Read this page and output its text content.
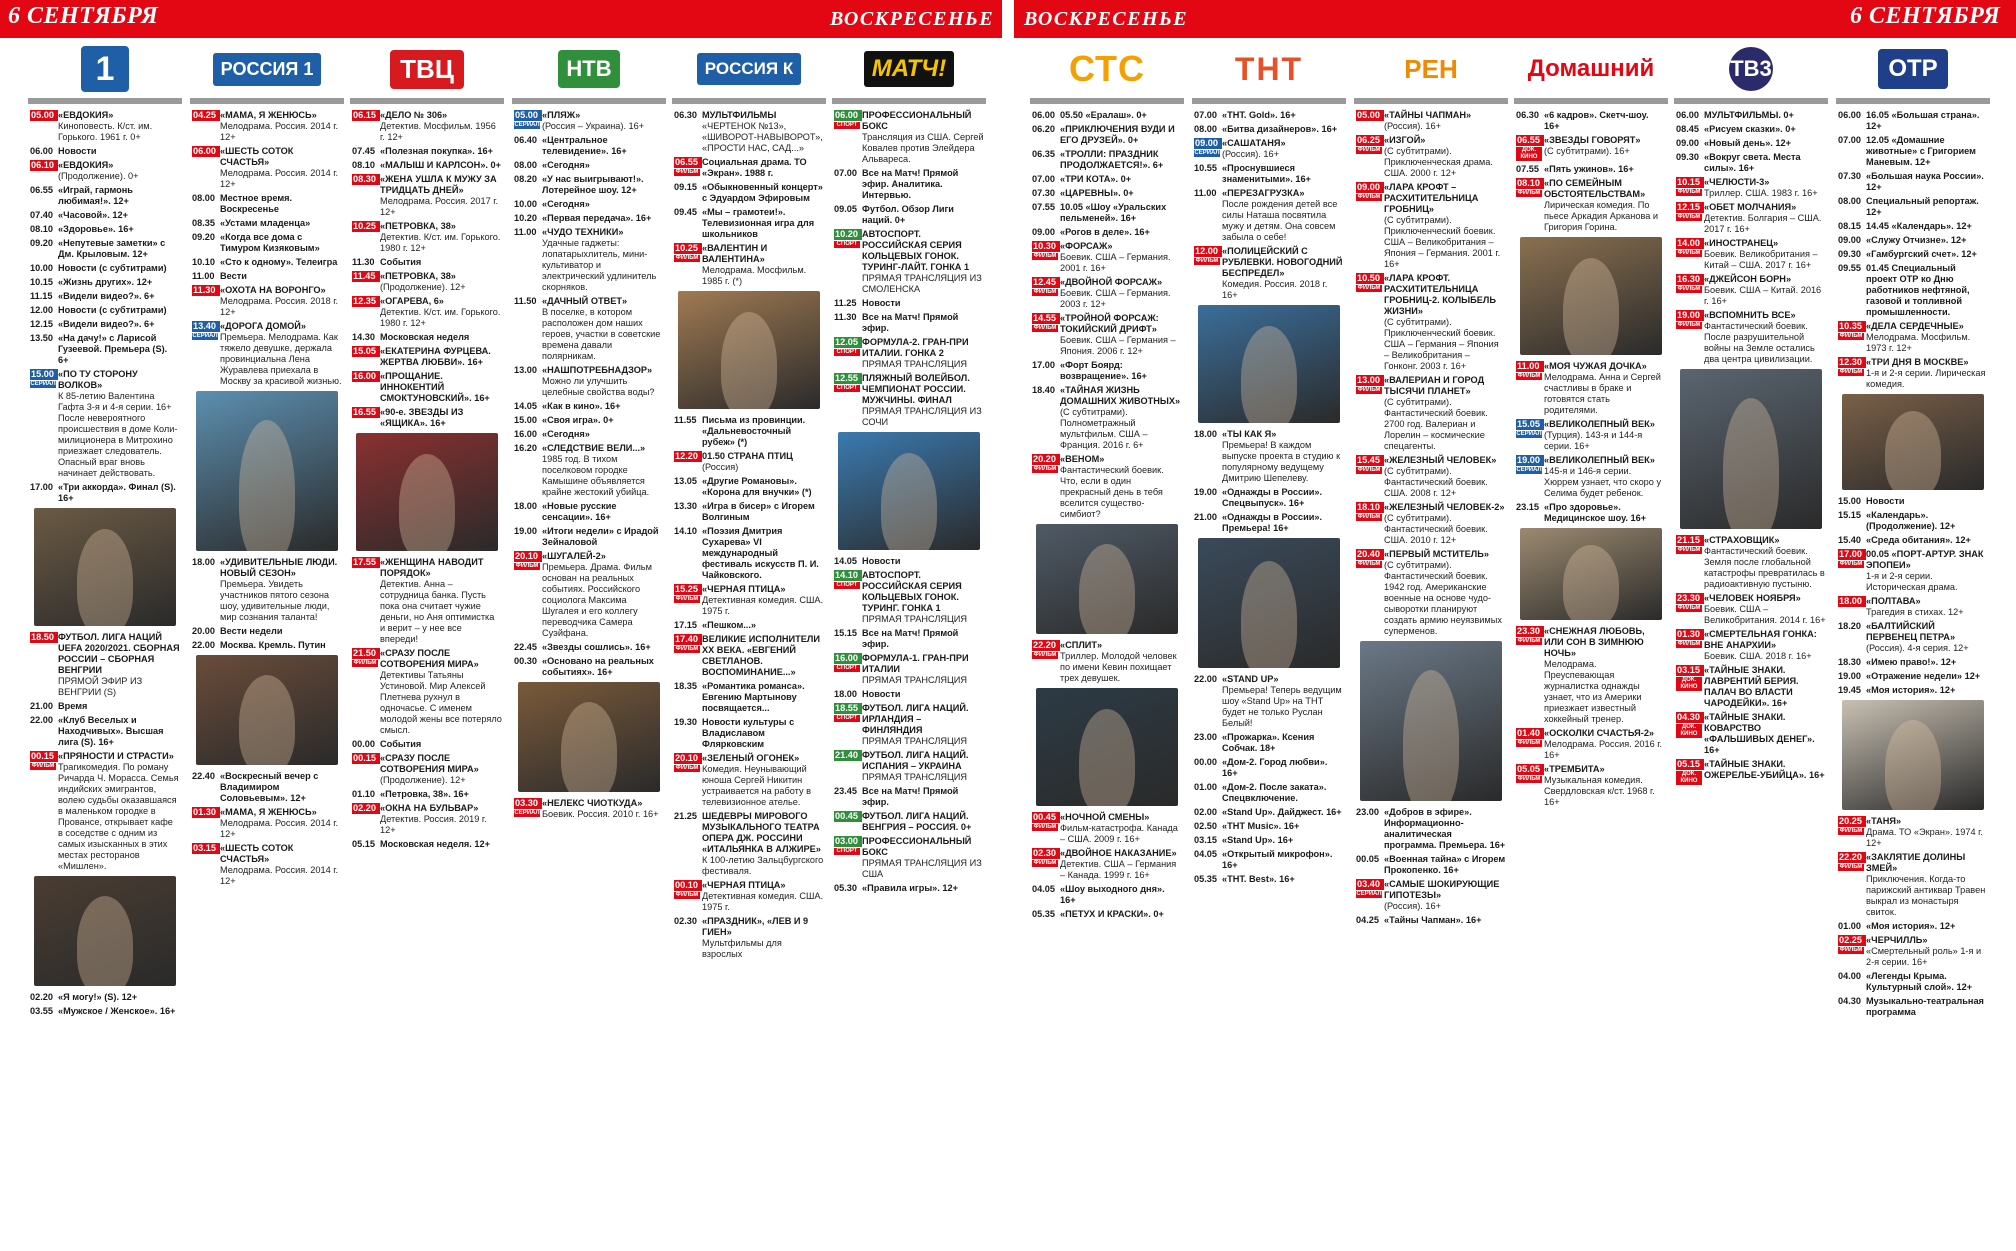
6 СЕНТЯБРЯ	ВОСКРЕСЕНЬЕ ВОСКРЕСЕНЬЕ	6 СЕНТЯБРЯ
1
05.00 «ЕВДОКИЯ»
Киноповесть. К/ст. им. Горького. 1961 г. 0+
06.00 Новости
06.10 «ЕВДОКИЯ»
(Продолжение). 0+
06.55 «Играй, гармонь любимая!». 12+
07.40 «Часовой». 12+
08.10 «Здоровье». 16+
09.20 «Непутевые заметки» с Дм. Крыловым. 12+
10.00 Новости (с субтитрами)
10.15 «Жизнь других». 12+
11.15 «Видели видео?». 6+
12.00 Новости (с субтитрами)
12.15 «Видели видео?». 6+
13.50 «На дачу!» с Ларисой Гузеевой. Премьера (S). 6+
15.00
СЕРИАЛ
«ПО ТУ СТОРОНУ ВОЛКОВ»
К 85-летию Валентина Гафта 3-я и 4-я серии. 16+ После невероятного происшествия в доме Коли-милиционера в Митрохино приезжает следователь. Опасный враг вновь начинает действовать.
17.00 «Три аккорда». Финал (S). 16+
18.50 ФУТБОЛ. ЛИГА НАЦИЙ UEFA 2020/2021. СБОРНАЯ РОССИИ – СБОРНАЯ ВЕНГРИИ
ПРЯМОЙ ЭФИР ИЗ ВЕНГРИИ (S)
21.00 Время
22.00 «Клуб Веселых и Находчивых». Высшая лига (S). 16+
00.15
ФИЛЬМ
«ПРЯНОСТИ И СТРАСТИ»
Трагикомедия. По роману Ричарда Ч. Морасса. Семья индийских эмигрантов, волею судьбы оказавшаяся в маленьком городке в Провансе, открывает кафе в соседстве с одним из самых изысканных в этих местах ресторанов «Мишлен».
02.20 «Я могу!» (S). 12+
03.55 «Мужское / Женское». 16+
РОССИЯ 1
04.25 «МАМА, Я ЖЕНЮСЬ»
Мелодрама. Россия. 2014 г. 12+
06.00 «ШЕСТЬ СОТОК СЧАСТЬЯ»
Мелодрама. Россия. 2014 г. 12+
08.00 Местное время. Воскресенье
08.35 «Устами младенца»
09.20 «Когда все дома с Тимуром Кизяковым»
10.10 «Сто к одному». Телеигра
11.00 Вести
11.30 «ОХОТА НА ВОРОНГО»
Мелодрама. Россия. 2018 г. 12+
13.40
СЕРИАЛ
«ДОРОГА ДОМОЙ»
Премьера. Мелодрама. Как тяжело девушке, держала провинциальна Лена Журавлева приехала в Москву за красивой жизнью.
18.00 «УДИВИТЕЛЬНЫЕ ЛЮДИ. НОВЫЙ СЕЗОН»
Премьера. Увидеть участников пятого сезона шоу, удивительные люди, мир сознания таланта!
20.00 Вести недели
22.00 Москва. Кремль. Путин
22.40 «Воскресный вечер с Владимиром Соловьевым». 12+
01.30 «МАМА, Я ЖЕНЮСЬ»
Мелодрама. Россия. 2014 г. 12+
03.15 «ШЕСТЬ СОТОК СЧАСТЬЯ»
Мелодрама. Россия. 2014 г. 12+
ТВЦ
06.15 «ДЕЛО № 306»
Детектив. Мосфильм. 1956 г. 12+
07.45 «Полезная покупка». 16+
08.10 «МАЛЫШ И КАРЛСОН». 0+
08.30 «ЖЕНА УШЛА К МУЖУ ЗА ТРИДЦАТЬ ДНЕЙ»
Мелодрама. Россия. 2017 г. 12+
10.25 «ПЕТРОВКА, 38»
Детектив. К/ст. им. Горького. 1980 г. 12+
11.30 События
11.45 «ПЕТРОВКА, 38»
(Продолжение). 12+
12.35 «ОГАРЕВА, 6»
Детектив. К/ст. им. Горького. 1980 г. 12+
14.30 Московская неделя
15.05 «ЕКАТЕРИНА ФУРЦЕВА. ЖЕРТВА ЛЮБВИ». 16+
16.00 «ПРОЩАНИЕ. ИННОКЕНТИЙ СМОКТУНОВСКИЙ». 16+
16.55 «90-е. ЗВЕЗДЫ ИЗ «ЯЩИКА». 16+
17.55 «ЖЕНЩИНА НАВОДИТ ПОРЯДОК»
Детектив. Анна – сотрудница банка. Пусть пока она считает чужие деньги, но Аня оптимистка и верит – у нее все впереди!
21.50
ФИЛЬМ
«СРАЗУ ПОСЛЕ СОТВОРЕНИЯ МИРА»
Детективы Татьяны Устиновой. Мир Алексей Плетнева рухнул в одночасье. С именем молодой жены все потеряло смысл.
00.00 События
00.15 «СРАЗУ ПОСЛЕ СОТВОРЕНИЯ МИРА»
(Продолжение). 12+
01.10 «Петровка, 38». 16+
02.20 «ОКНА НА БУЛЬВАР»
Детектив. Россия. 2019 г. 12+
05.15 Московская неделя. 12+
НТВ
05.00
СЕРИАЛ
«ПЛЯЖ»
(Россия – Украина). 16+
06.40 «Центральное телевидение». 16+
08.00 «Сегодня»
08.20 «У нас выигрывают!». Лотерейное шоу. 12+
10.00 «Сегодня»
10.20 «Первая передача». 16+
11.00 «ЧУДО ТЕХНИКИ»
Удачные гаджеты: лопатарыхлитель, мини-культиватор и электрический удлинитель скорняков.
11.50 «ДАЧНЫЙ ОТВЕТ»
В поселке, в котором расположен дом наших героев, участки в советские времена давали полярникам.
13.00 «НАШПОТРЕБНАДЗОР»
Можно ли улучшить целебные свойства воды?
14.05 «Как в кино». 16+
15.00 «Своя игра». 0+
16.00 «Сегодня»
16.20 «СЛЕДСТВИЕ ВЕЛИ...»
1985 год. В тихом поселковом городке Камышине объявляется крайне жестокий убийца.
18.00 «Новые русские сенсации». 16+
19.00 «Итоги недели» с Ирадой Зейналовой
20.10
ФИЛЬМ
«ШУГАЛЕЙ-2»
Премьера. Драма. Фильм основан на реальных событиях. Российского социолога Максима Шугалея и его коллегу переводчика Самера Суэйфана.
22.45 «Звезды сошлись». 16+
00.30 «Основано на реальных событиях». 16+
03.30
СЕРИАЛ
«НЕЛЕКС ЧИОТКУДА»
Боевик. Россия. 2010 г. 16+
РОССИЯ К
06.30 МУЛЬТФИЛЬМЫ
«ЧЕРТЕНОК №13», «ШИВОРОТ-НАВЫВОРОТ», «ПРОСТИ НАС, САД...»
06.55
ФИЛЬМ
Социальная драма. ТО «Экран». 1988 г.
09.15 «Обыкновенный концерт» с Эдуардом Эфировым
09.45 «Мы – грамотеи!». Телевизионная игра для школьников
10.25
ФИЛЬМ
«ВАЛЕНТИН И ВАЛЕНТИНА»
Мелодрама. Мосфильм. 1985 г. (*)
11.55 Письма из провинции. «Дальневосточный рубеж» (*)
12.20 01.50 СТРАНА ПТИЦ
(Россия)
13.05 «Другие Романовы». «Корона для внучки» (*)
13.30 «Игра в бисер» с Игорем Волгиным
14.10 «Поэзия Дмитрия Сухарева» VI международный фестиваль искусств П. И. Чайковского.
15.25
ФИЛЬМ
«ЧЕРНАЯ ПТИЦА»
Детективная комедия. США. 1975 г.
17.15 «Пешком...»
17.40
ФИЛЬМ
ВЕЛИКИЕ ИСПОЛНИТЕЛИ XX ВЕКА. «ЕВГЕНИЙ СВЕТЛАНОВ. ВОСПОМИНАНИЕ...»
18.35 «Романтика романса». Евгению Мартынову посвящается...
19.30 Новости культуры с Владиславом Флярковским
20.10
ФИЛЬМ
«ЗЕЛЕНЫЙ ОГОНЕК»
Комедия. Неунывающий юноша Сергей Никитин устраивается на работу в телевизионное ателье.
21.25 ШЕДЕВРЫ МИРОВОГО МУЗЫКАЛЬНОГО ТЕАТРА ОПЕРА ДЖ. РОССИНИ «ИТАЛЬЯНКА В АЛЖИРЕ»
К 100-летию Зальцбургского фестиваля.
00.10
ФИЛЬМ
«ЧЕРНАЯ ПТИЦА»
Детективная комедия. США. 1975 г.
02.30 «ПРАЗДНИК», «ЛЕВ И 9 ГИЕН»
Мультфильмы для взрослых
МАТЧ!
06.00
СПОРТ
ПРОФЕССИОНАЛЬНЫЙ БОКС
Трансляция из США. Сергей Ковалев против Элейдера Альвареса.
07.00 Все на Матч! Прямой эфир. Аналитика. Интервью.
09.05 Футбол. Обзор Лиги наций. 0+
10.20
СПОРТ
АВТОСПОРТ. РОССИЙСКАЯ СЕРИЯ КОЛЬЦЕВЫХ ГОНОК. ТУРИНГ-ЛАЙТ. ГОНКА 1
ПРЯМАЯ ТРАНСЛЯЦИЯ ИЗ СМОЛЕНСКА
11.25 Новости
11.30 Все на Матч! Прямой эфир.
12.05
СПОРТ
ФОРМУЛА-2. ГРАН-ПРИ ИТАЛИИ. ГОНКА 2
ПРЯМАЯ ТРАНСЛЯЦИЯ
12.55
СПОРТ
ПЛЯЖНЫЙ ВОЛЕЙБОЛ. ЧЕМПИОНАТ РОССИИ. МУЖЧИНЫ. ФИНАЛ
ПРЯМАЯ ТРАНСЛЯЦИЯ ИЗ СОЧИ
14.05 Новости
14.10
СПОРТ
АВТОСПОРТ. РОССИЙСКАЯ СЕРИЯ КОЛЬЦЕВЫХ ГОНОК. ТУРИНГ. ГОНКА 1
ПРЯМАЯ ТРАНСЛЯЦИЯ
15.15 Все на Матч! Прямой эфир.
16.00
СПОРТ
ФОРМУЛА-1. ГРАН-ПРИ ИТАЛИИ
ПРЯМАЯ ТРАНСЛЯЦИЯ
18.00 Новости
18.55
СПОРТ
ФУТБОЛ. ЛИГА НАЦИЙ. ИРЛАНДИЯ – ФИНЛЯНДИЯ
ПРЯМАЯ ТРАНСЛЯЦИЯ
21.40 ФУТБОЛ. ЛИГА НАЦИЙ. ИСПАНИЯ – УКРАИНА
ПРЯМАЯ ТРАНСЛЯЦИЯ
23.45 Все на Матч! Прямой эфир.
00.45 ФУТБОЛ. ЛИГА НАЦИЙ. ВЕНГРИЯ – РОССИЯ. 0+
03.00
СПОРТ
ПРОФЕССИОНАЛЬНЫЙ БОКС
ПРЯМАЯ ТРАНСЛЯЦИЯ ИЗ США
05.30 «Правила игры». 12+
СТС
06.00 05.50 «Ералаш». 0+
06.20 «ПРИКЛЮЧЕНИЯ ВУДИ И ЕГО ДРУЗЕЙ». 0+
06.35 «ТРОЛЛИ: ПРАЗДНИК ПРОДОЛЖАЕТСЯ!». 6+
07.00 «ТРИ КОТА». 0+
07.30 «ЦАРЕВНЫ». 0+
07.55 10.05 «Шоу «Уральских пельменей». 16+
09.00 «Рогов в деле». 16+
10.30
ФИЛЬМ
«ФОРСАЖ»
Боевик. США – Германия. 2001 г. 16+
12.45
ФИЛЬМ
«ДВОЙНОЙ ФОРСАЖ»
Боевик. США – Германия. 2003 г. 12+
14.55
ФИЛЬМ
«ТРОЙНОЙ ФОРСАЖ: ТОКИЙСКИЙ ДРИФТ»
Боевик. США – Германия – Япония. 2006 г. 12+
17.00 «Форт Боярд: возвращение». 16+
18.40 «ТАЙНАЯ ЖИЗНЬ ДОМАШНИХ ЖИВОТНЫХ»
(С субтитрами). Полнометражный мультфильм. США – Франция. 2016 г. 6+
20.20
ФИЛЬМ
«ВЕНОМ»
Фантастический боевик. Что, если в один прекрасный день в тебя вселится существо-симбиот?
22.20
ФИЛЬМ
«СПЛИТ»
Триллер. Молодой человек по имени Кевин похищает трех девушек.
00.45
ФИЛЬМ
«НОЧНОЙ СМЕНЫ»
Фильм-катастрофа. Канада – США. 2009 г. 16+
02.30
ФИЛЬМ
«ДВОЙНОЕ НАКАЗАНИЕ»
Детектив. США – Германия – Канада. 1999 г. 16+
04.05 «Шоу выходного дня». 16+
05.35 «ПЕТУХ И КРАСКИ». 0+
ТНТ
07.00 «ТНТ. Gold». 16+
08.00 «Битва дизайнеров». 16+
09.00
СЕРИАЛ
«САШАТАНЯ»
(Россия). 16+
10.55 «Проснувшиеся знаменитыми». 16+
11.00 «ПЕРЕЗАГРУЗКА»
После рождения детей все силы Наташа посвятила мужу и детям. Она совсем забыла о себе!
12.00
ФИЛЬМ
«ПОЛИЦЕЙСКИЙ С РУБЛЕВКИ. НОВОГОДНИЙ БЕСПРЕДЕЛ»
Комедия. Россия. 2018 г. 16+
18.00 «ТЫ КАК Я»
Премьера! В каждом выпуске проекта в студию к популярному ведущему Дмитрию Шепелеву.
19.00 «Однажды в России». Спецвыпуск». 16+
21.00 «Однажды в России». Премьера! 16+
22.00 «STAND UP»
Премьера! Теперь ведущим шоу «Stand Up» на ТНТ будет не только Руслан Белый!
23.00 «Прожарка». Ксения Собчак. 18+
00.00 «Дом-2. Город любви». 16+
01.00 «Дом-2. После заката». Спецвключение.
02.00 «Stand Up». Дайджест. 16+
02.50 «ТНТ Music». 16+
03.15 «Stand Up». 16+
04.05 «Открытый микрофон». 16+
05.35 «ТНТ. Best». 16+
РЕН
05.00 «ТАЙНЫ ЧАПМАН»
(Россия). 16+
06.25
ФИЛЬМ
«ИЗГОЙ»
(С субтитрами). Приключенческая драма. США. 2000 г. 12+
09.00
ФИЛЬМ
«ЛАРА КРОФТ – РАСХИТИТЕЛЬНИЦА ГРОБНИЦ»
(С субтитрами). Приключенческий боевик. США – Великобритания – Япония – Германия. 2001 г. 16+
10.50
ФИЛЬМ
«ЛАРА КРОФТ. РАСХИТИТЕЛЬНИЦА ГРОБНИЦ-2. КОЛЫБЕЛЬ ЖИЗНИ»
(С субтитрами). Приключенческий боевик. США – Германия – Япония – Великобритания – Гонконг. 2003 г. 16+
13.00
ФИЛЬМ
«ВАЛЕРИАН И ГОРОД ТЫСЯЧИ ПЛАНЕТ»
(С субтитрами). Фантастический боевик. 2700 год. Валериан и Лорелин – космические спецагенты.
15.45
ФИЛЬМ
«ЖЕЛЕЗНЫЙ ЧЕЛОВЕК»
(С субтитрами). Фантастический боевик. США. 2008 г. 12+
18.10
ФИЛЬМ
«ЖЕЛЕЗНЫЙ ЧЕЛОВЕК-2»
(С субтитрами). Фантастический боевик. США. 2010 г. 12+
20.40
ФИЛЬМ
«ПЕРВЫЙ МСТИТЕЛЬ»
(С субтитрами). Фантастический боевик. 1942 год. Американские военные на основе чудо-сыворотки планируют создать армию неуязвимых суперменов.
23.00 «Добров в эфире». Информационно-аналитическая программа. Премьера. 16+
00.05 «Военная тайна» с Игорем Прокопенко. 16+
03.40
СЕРИАЛ
«САМЫЕ ШОКИРУЮЩИЕ ГИПОТЕЗЫ»
(Россия). 16+
04.25 «Тайны Чапман». 16+
Домашний
06.30 «6 кадров». Скетч-шоу. 16+
06.55
ДОК. КИНО
«ЗВЕЗДЫ ГОВОРЯТ»
(С субтитрами). 16+
07.55 «Пять ужинов». 16+
08.10
ФИЛЬМ
«ПО СЕМЕЙНЫМ ОБСТОЯТЕЛЬСТВАМ»
Лирическая комедия. По пьесе Аркадия Арканова и Григория Горина.
11.00
ФИЛЬМ
«МОЯ ЧУЖАЯ ДОЧКА»
Мелодрама. Анна и Сергей счастливы в браке и готовятся стать родителями.
15.05
СЕРИАЛ
«ВЕЛИКОЛЕПНЫЙ ВЕК»
(Турция). 143-я и 144-я серии. 16+
19.00
СЕРИАЛ
«ВЕЛИКОЛЕПНЫЙ ВЕК»
145-я и 146-я серии. Хюррем узнает, что скоро у Селима будет ребенок.
23.15 «Про здоровье». Медицинское шоу. 16+
23.30
ФИЛЬМ
«СНЕЖНАЯ ЛЮБОВЬ, ИЛИ СОН В ЗИМНЮЮ НОЧЬ»
Мелодрама. Преуспевающая журналистка однажды узнает, что из Америки приезжает известный хоккейный тренер.
01.40
ФИЛЬМ
«ОСКОЛКИ СЧАСТЬЯ-2»
Мелодрама. Россия. 2016 г. 16+
05.05
ФИЛЬМ
«ТРЕМБИТА»
Музыкальная комедия. Свердловская к/ст. 1968 г. 16+
ТВ3
06.00 МУЛЬТФИЛЬМЫ. 0+
08.45 «Рисуем сказки». 0+
09.00 «Новый день». 12+
09.30 «Вокруг света. Места силы». 16+
10.15
ФИЛЬМ
«ЧЕЛЮСТИ-3»
Триллер. США. 1983 г. 16+
12.15
ФИЛЬМ
«ОБЕТ МОЛЧАНИЯ»
Детектив. Болгария – США. 2017 г. 16+
14.00
ФИЛЬМ
«ИНОСТРАНЕЦ»
Боевик. Великобритания – Китай – США. 2017 г. 16+
16.30
ФИЛЬМ
«ДЖЕЙСОН БОРН»
Боевик. США – Китай. 2016 г. 16+
19.00
ФИЛЬМ
«ВСПОМНИТЬ ВСЕ»
Фантастический боевик. После разрушительной войны на Земле остались два центра цивилизации.
21.15
ФИЛЬМ
«СТРАХОВЩИК»
Фантастический боевик. Земля после глобальной катастрофы превратилась в радиоактивную пустыню.
23.30
ФИЛЬМ
«ЧЕЛОВЕК НОЯБРЯ»
Боевик. США – Великобритания. 2014 г. 16+
01.30
ФИЛЬМ
«СМЕРТЕЛЬНАЯ ГОНКА: ВНЕ АНАРХИИ»
Боевик. США. 2018 г. 16+
03.15
ДОК. КИНО
«ТАЙНЫЕ ЗНАКИ. ЛАВРЕНТИЙ БЕРИЯ. ПАЛАЧ ВО ВЛАСТИ ЧАРОДЕЙКИ». 16+
04.30
ДОК. КИНО
«ТАЙНЫЕ ЗНАКИ. КОВАРСТВО «ФАЛЬШИВЫХ ДЕНЕГ». 16+
05.15
ДОК. КИНО
«ТАЙНЫЕ ЗНАКИ. ОЖЕРЕЛЬЕ-УБИЙЦА». 16+
ОТР
06.00 16.05 «Большая страна». 12+
07.00 12.05 «Домашние животные» с Григорием Маневым. 12+
07.30 «Большая наука России». 12+
08.00 Специальный репортаж. 12+
08.15 14.45 «Календарь». 12+
09.00 «Служу Отчизне». 12+
09.30 «Гамбургский счет». 12+
09.55 01.45 Специальный проект ОТР ко Дню работников нефтяной, газовой и топливной промышленности.
10.35
ФИЛЬМ
«ДЕЛА СЕРДЕЧНЫЕ»
Мелодрама. Мосфильм. 1973 г. 12+
12.30
ФИЛЬМ
«ТРИ ДНЯ В МОСКВЕ»
1-я и 2-я серии. Лирическая комедия.
15.00 Новости
15.15 «Календарь». (Продолжение). 12+
15.40 «Среда обитания». 12+
17.00
ФИЛЬМ
00.05 «ПОРТ-АРТУР. ЗНАК ЭПОПЕИ»
1-я и 2-я серии. Историческая драма.
18.00 «ПОЛТАВА»
Трагедия в стихах. 12+
18.20 «БАЛТИЙСКИЙ ПЕРВЕНЕЦ ПЕТРА»
(Россия). 4-я серия. 12+
18.30 «Имею право!». 12+
19.00 «Отражение недели» 12+
19.45 «Моя история». 12+
20.25
ФИЛЬМ
«ТАНЯ»
Драма. ТО «Экран». 1974 г. 12+
22.20
ФИЛЬМ
«ЗАКЛЯТИЕ ДОЛИНЫ ЗМЕЙ»
Приключения. Когда-то парижский антиквар Травен выкрал из монастыря свиток.
01.00 «Моя история». 12+
02.25
ФИЛЬМ
«ЧЕРЧИЛЛЬ»
«Смертельный роль» 1-я и 2-я серии. 16+
04.00 «Легенды Крыма. Культурный слой». 12+
04.30 Музыкально-театральная программа
